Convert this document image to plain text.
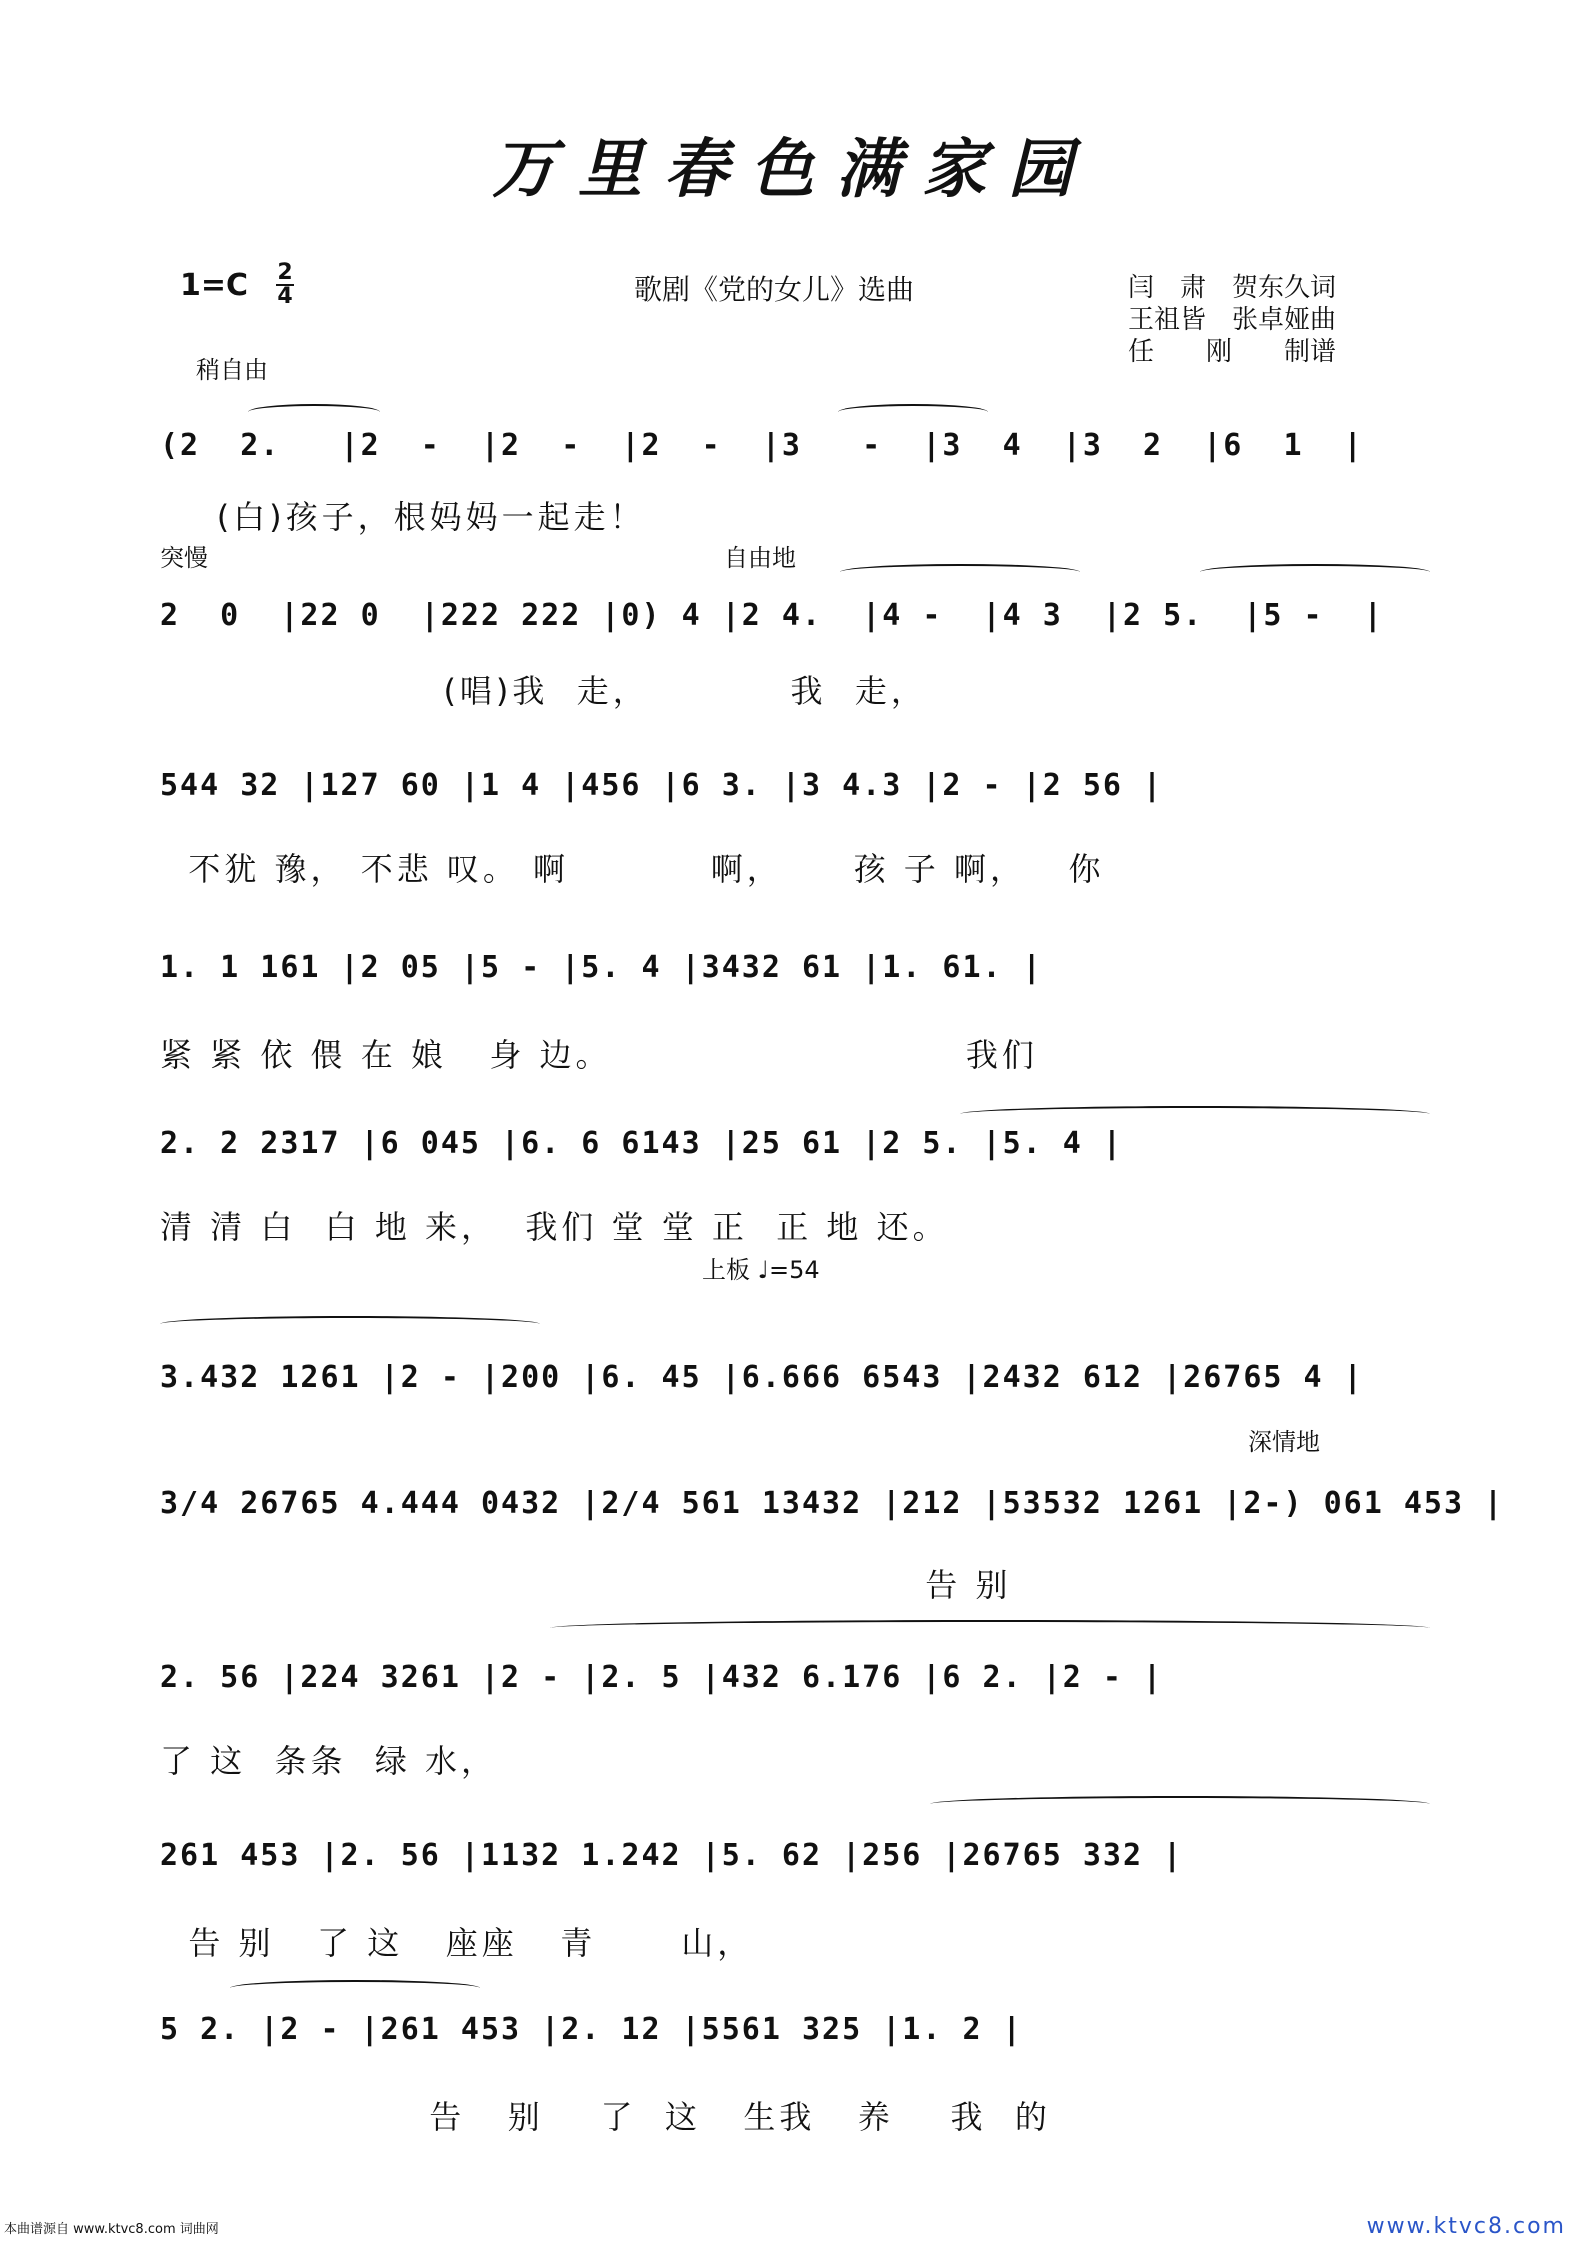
万里春色满家园
1=C 2
4	歌剧《党的女儿》选曲	闫　肃　贺东久词
王祖皆　张卓娅曲
任　　刚　　制谱
稍自由
突慢	自由地
上板 ♩=54
深情地
(2  2.   |2  -  |2  -  |2  -  |3   -  |3  4  |3  2  |6  1  |
(白)孩子，根妈妈一起走！
2  0  |22 0  |222 222 |0) 4 |2 4.  |4 -  |4 3  |2 5.  |5 -  |
(唱)我  走，          我  走，
544 32 |127 60 |1 4 |456 |6 3. |3 4.3 |2 - |2 56 |
不犹 豫， 不悲 叹。 啊          啊，     孩 子 啊，   你
1. 1 161 |2 05 |5 - |5. 4 |3432 61 |1. 61. |
紧 紧 依 偎 在 娘   身 边。                         我们
2. 2 2317 |6 045 |6. 6 6143 |25 61 |2 5. |5. 4 |
清 清 白  白 地 来，  我们 堂 堂 正  正 地 还。
3.432 1261 |2 - |200 |6. 45 |6.666 6543 |2432 612 |26765 4 |
3/4 26765 4.444 0432 |2/4 561 13432 |212 |53532 1261 |2-) 061 453 |
告 别
2. 56 |224 3261 |2 - |2. 5 |432 6.176 |6 2. |2 - |
了 这  条条  绿 水，
261 453 |2. 56 |1132 1.242 |5. 62 |256 |26765 332 |
告 别   了 这   座座   青      山，
5 2. |2 - |261 453 |2. 12 |5561 325 |1. 2 |
告   别    了  这   生我   养    我  的
本曲谱源自 www.ktvc8.com 词曲网	www.ktvc8.com
